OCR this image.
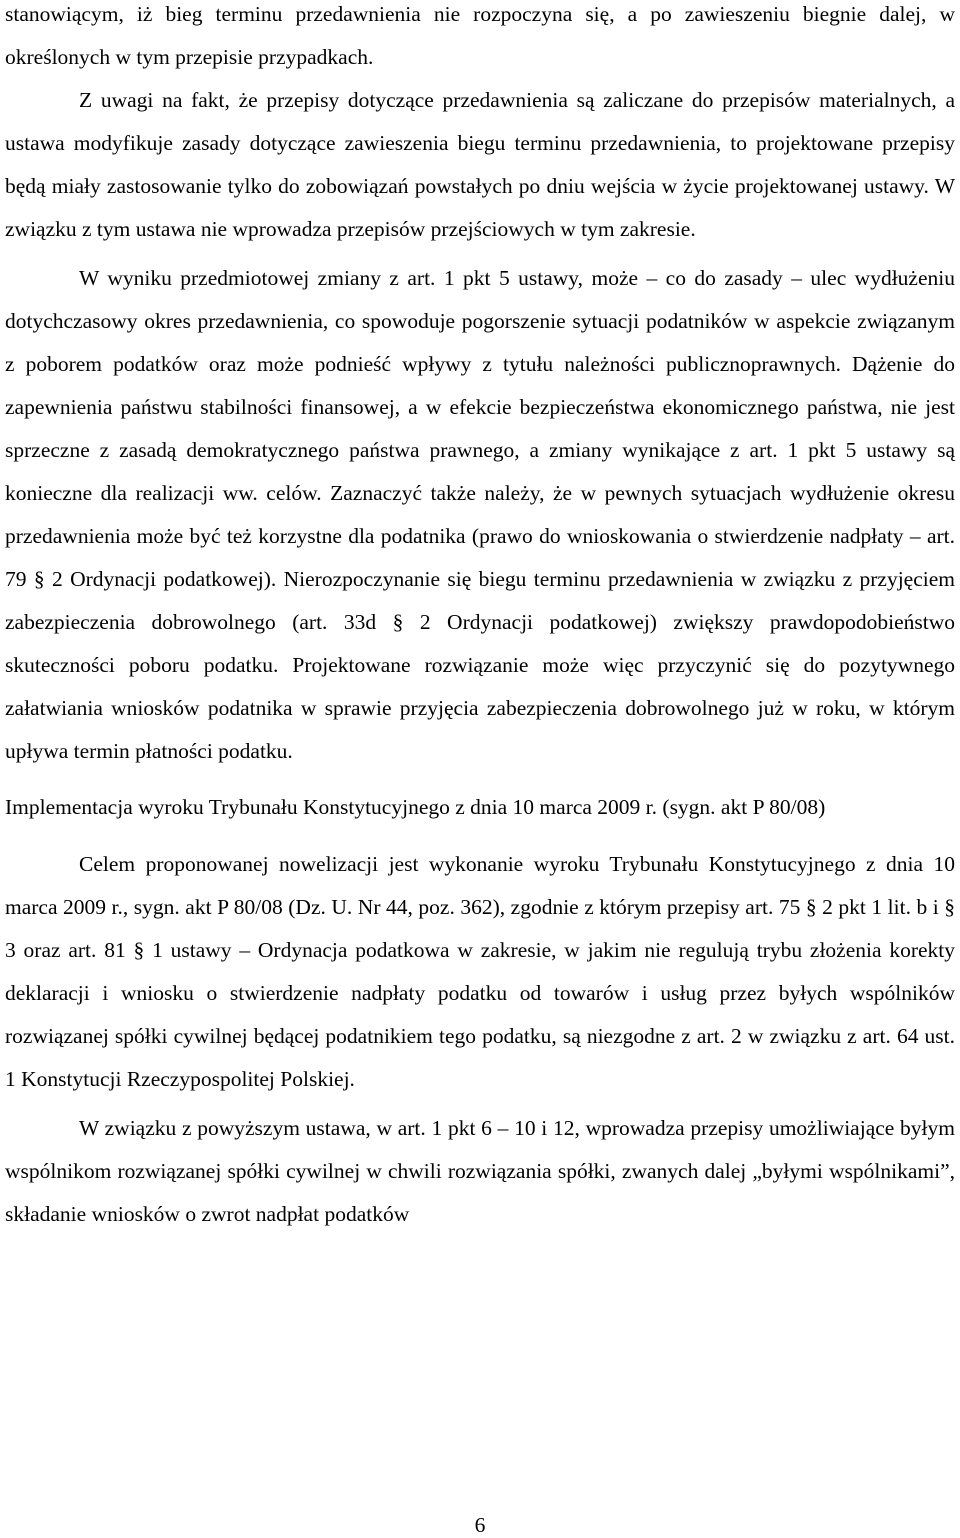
stanowiącym, iż bieg terminu przedawnienia nie rozpoczyna się, a po zawieszeniu biegnie dalej, w określonych w tym przepisie przypadkach.

Z uwagi na fakt, że przepisy dotyczące przedawnienia są zaliczane do przepisów materialnych, a ustawa modyfikuje zasady dotyczące zawieszenia biegu terminu przedawnienia, to projektowane przepisy będą miały zastosowanie tylko do zobowiązań powstałych po dniu wejścia w życie projektowanej ustawy. W związku z tym ustawa nie wprowadza przepisów przejściowych w tym zakresie.

W wyniku przedmiotowej zmiany z art. 1 pkt 5 ustawy, może – co do zasady – ulec wydłużeniu dotychczasowy okres przedawnienia, co spowoduje pogorszenie sytuacji podatników w aspekcie związanym z poborem podatków oraz może podnieść wpływy z tytułu należności publicznoprawnych. Dążenie do zapewnienia państwu stabilności finansowej, a w efekcie bezpieczeństwa ekonomicznego państwa, nie jest sprzeczne z zasadą demokratycznego państwa prawnego, a zmiany wynikające z art. 1 pkt 5 ustawy są konieczne dla realizacji ww. celów. Zaznaczyć także należy, że w pewnych sytuacjach wydłużenie okresu przedawnienia może być też korzystne dla podatnika (prawo do wnioskowania o stwierdzenie nadpłaty – art. 79 § 2 Ordynacji podatkowej). Nierozpoczynanie się biegu terminu przedawnienia w związku z przyjęciem zabezpieczenia dobrowolnego (art. 33d § 2 Ordynacji podatkowej) zwiększy prawdopodobieństwo skuteczności poboru podatku. Projektowane rozwiązanie może więc przyczynić się do pozytywnego załatwiania wniosków podatnika w sprawie przyjęcia zabezpieczenia dobrowolnego już w roku, w którym upływa termin płatności podatku.

Implementacja wyroku Trybunału Konstytucyjnego z dnia 10 marca 2009 r. (sygn. akt P 80/08)

Celem proponowanej nowelizacji jest wykonanie wyroku Trybunału Konstytucyjnego z dnia 10 marca 2009 r., sygn. akt P 80/08 (Dz. U. Nr 44, poz. 362), zgodnie z którym przepisy art. 75 § 2 pkt 1 lit. b i § 3 oraz art. 81 § 1 ustawy – Ordynacja podatkowa w zakresie, w jakim nie regulują trybu złożenia korekty deklaracji i wniosku o stwierdzenie nadpłaty podatku od towarów i usług przez byłych wspólników rozwiązanej spółki cywilnej będącej podatnikiem tego podatku, są niezgodne z art. 2 w związku z art. 64 ust. 1 Konstytucji Rzeczypospolitej Polskiej.

W związku z powyższym ustawa, w art. 1 pkt 6 – 10 i 12, wprowadza przepisy umożliwiające byłym wspólnikom rozwiązanej spółki cywilnej w chwili rozwiązania spółki, zwanych dalej „byłymi wspólnikami”, składanie wniosków o zwrot nadpłat podatków

6
